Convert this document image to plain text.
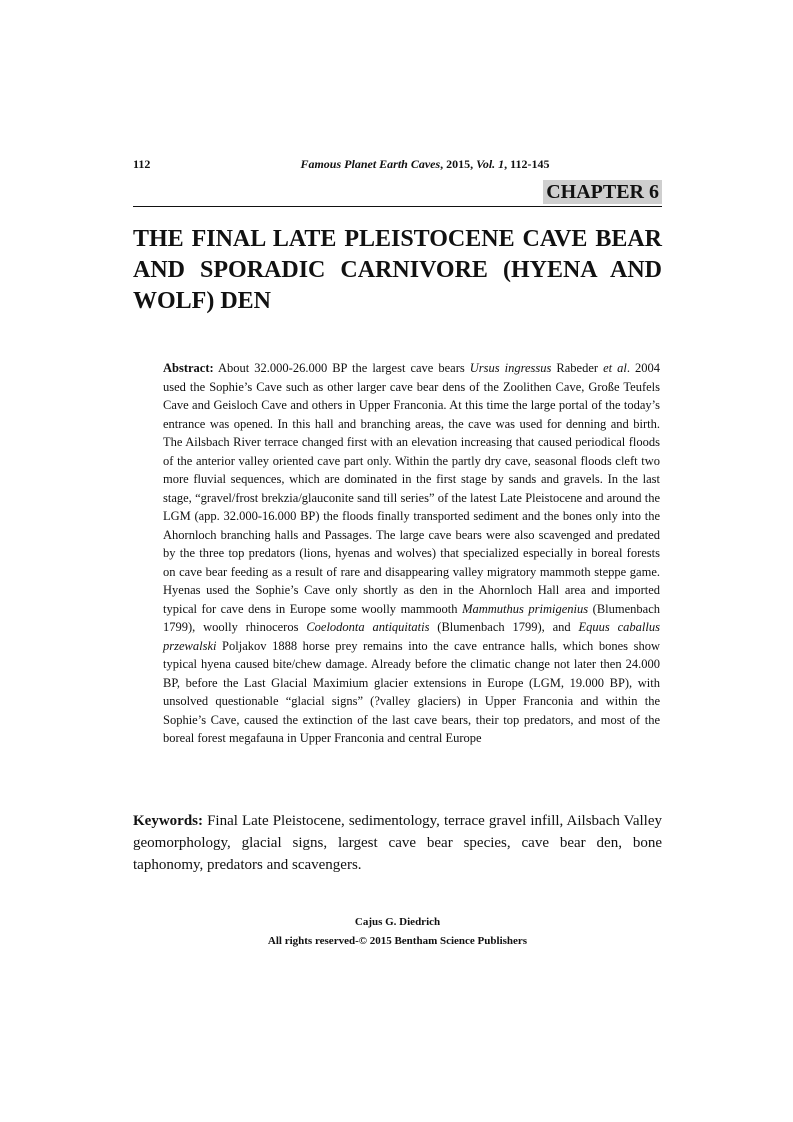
112	Famous Planet Earth Caves, 2015, Vol. 1, 112-145
CHAPTER 6
THE FINAL LATE PLEISTOCENE CAVE BEAR AND SPORADIC CARNIVORE (HYENA AND WOLF) DEN

Abstract: About 32.000-26.000 BP the largest cave bears Ursus ingressus Rabeder et al. 2004 used the Sophie’s Cave such as other larger cave bear dens of the Zoolithen Cave, Große Teufels Cave and Geisloch Cave and others in Upper Franconia. At this time the large portal of the today’s entrance was opened. In this hall and branching areas, the cave was used for denning and birth. The Ailsbach River terrace changed first with an elevation increasing that caused periodical floods of the anterior valley oriented cave part only. Within the partly dry cave, seasonal floods cleft two more fluvial sequences, which are dominated in the first stage by sands and gravels. In the last stage, “gravel/frost brekzia/glauconite sand till series” of the latest Late Pleistocene and around the LGM (app. 32.000-16.000 BP) the floods finally transported sediment and the bones only into the Ahornloch branching halls and Passages. The large cave bears were also scavenged and predated by the three top predators (lions, hyenas and wolves) that specialized especially in boreal forests on cave bear feeding as a result of rare and disappearing valley migratory mammoth steppe game. Hyenas used the Sophie’s Cave only shortly as den in the Ahornloch Hall area and imported typical for cave dens in Europe some woolly mammooth Mammuthus primigenius (Blumenbach 1799), woolly rhinoceros Coelodonta antiquitatis (Blumenbach 1799), and Equus caballus przewalski Poljakov 1888 horse prey remains into the cave entrance halls, which bones show typical hyena caused bite/chew damage. Already before the climatic change not later then 24.000 BP, before the Last Glacial Maximium glacier extensions in Europe (LGM, 19.000 BP), with unsolved questionable “glacial signs” (?valley glaciers) in Upper Franconia and within the Sophie’s Cave, caused the extinction of the last cave bears, their top predators, and most of the boreal forest megafauna in Upper Franconia and central Europe

Keywords: Final Late Pleistocene, sedimentology, terrace gravel infill, Ailsbach Valley geomorphology, glacial signs, largest cave bear species, cave bear den, bone taphonomy, predators and scavengers.

Cajus G. Diedrich
All rights reserved-© 2015 Bentham Science Publishers
